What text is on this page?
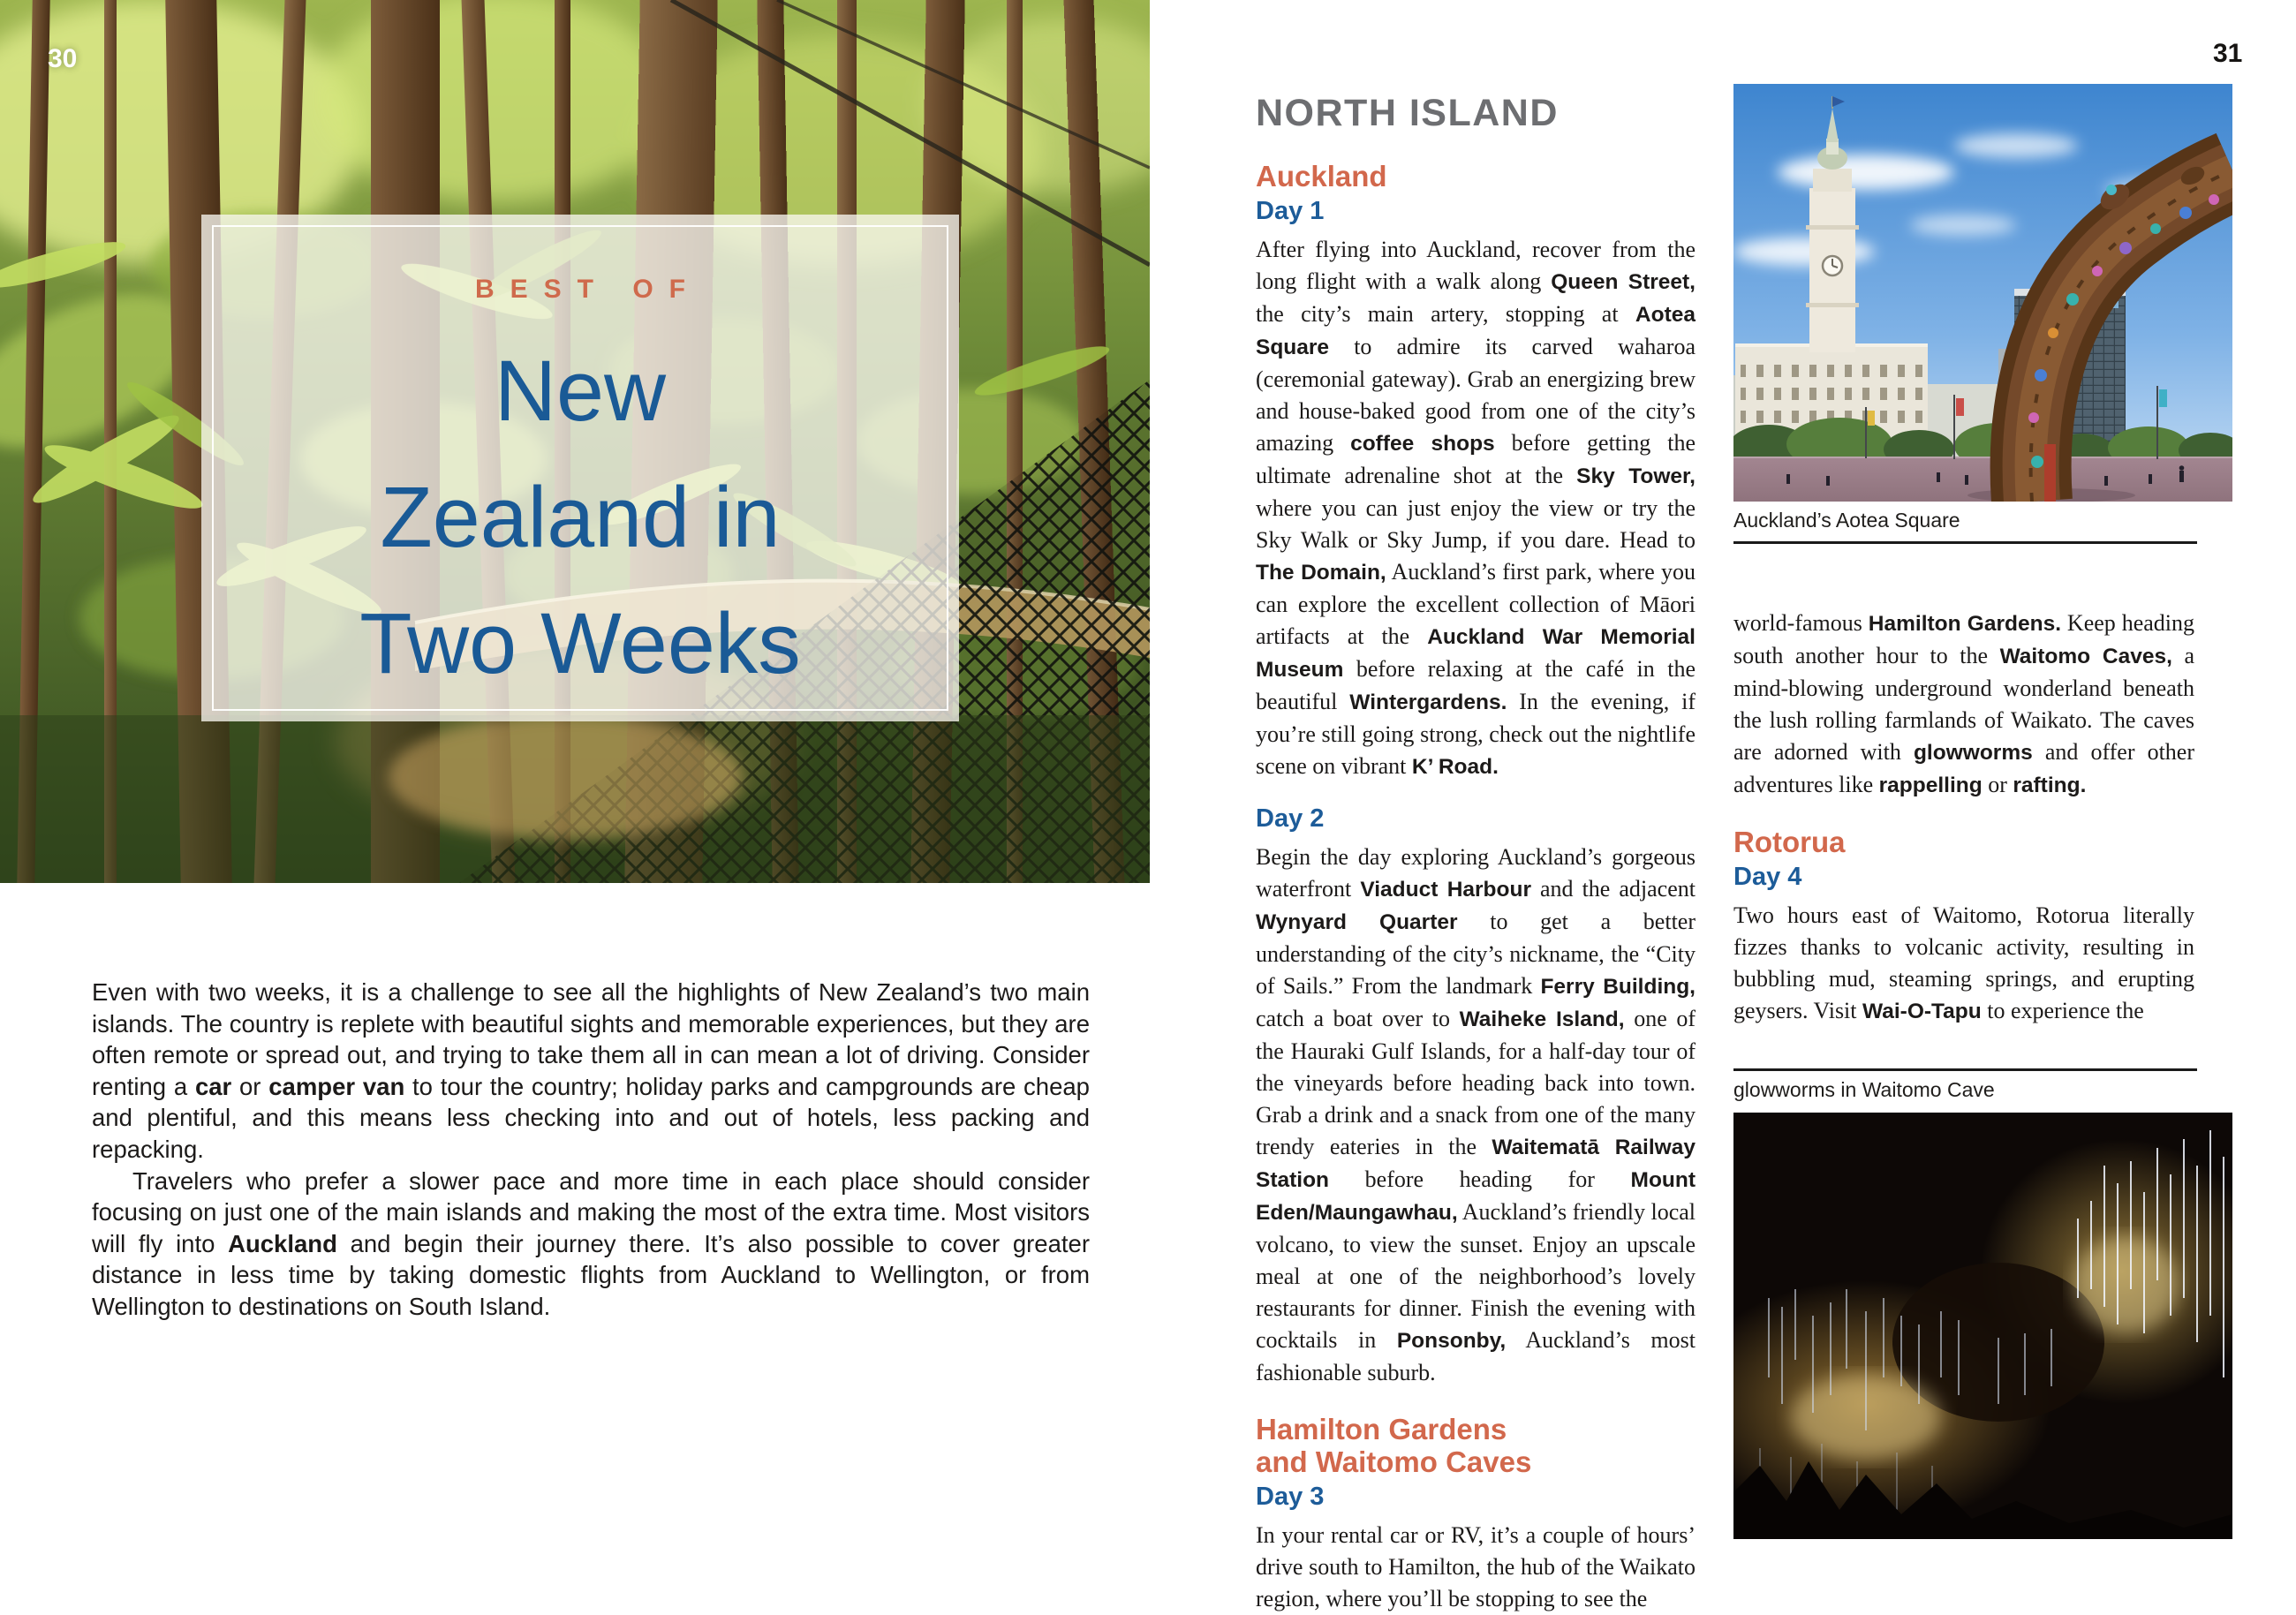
30
BEST OF
New
Zealand in
Two Weeks

Even with two weeks, it is a challenge to see all the highlights of New Zealand’s two main islands. The country is replete with beautiful sights and memorable experiences, but they are often remote or spread out, and trying to take them all in can mean a lot of driving. Consider renting a car or camper van to tour the country; holiday parks and campgrounds are cheap and plentiful, and this means less checking into and out of hotels, less packing and repacking.

Travelers who prefer a slower pace and more time in each place should consider focusing on just one of the main islands and making the most of the extra time. Most visitors will fly into Auckland and begin their journey there. It’s also possible to cover greater distance in less time by taking domestic flights from Auckland to Wellington, or from Wellington to destinations on South Island.

31
NORTH ISLAND
Auckland
Day 1

After flying into Auckland, recover from the long flight with a walk along Queen Street, the city’s main artery, stopping at Aotea Square to admire its carved waharoa (ceremonial gateway). Grab an energizing brew and house-baked good from one of the city’s amazing coffee shops before getting the ultimate adrenaline shot at the Sky Tower, where you can just enjoy the view or try the Sky Walk or Sky Jump, if you dare. Head to The Domain, Auckland’s first park, where you can explore the excellent collection of Māori artifacts at the Auckland War Memorial Museum before relaxing at the café in the beautiful Wintergardens. In the evening, if you’re still going strong, check out the nightlife scene on vibrant K’ Road.

Day 2

Begin the day exploring Auckland’s gorgeous waterfront Viaduct Harbour and the adjacent Wynyard Quarter to get a better understanding of the city’s nickname, the “City of Sails.” From the landmark Ferry Building, catch a boat over to Waiheke Island, one of the Hauraki Gulf Islands, for a half-day tour of the vineyards before heading back into town. Grab a drink and a snack from one of the many trendy eateries in the Waitematā Railway Station before heading for Mount Eden/Maungawhau, Auckland’s friendly local volcano, to view the sunset. Enjoy an upscale meal at one of the neighborhood’s lovely restaurants for dinner. Finish the evening with cocktails in Ponsonby, Auckland’s most fashionable suburb.

Hamilton Gardens
and Waitomo Caves
Day 3

In your rental car or RV, it’s a couple of hours’ drive south to Hamilton, the hub of the Waikato region, where you’ll be stopping to see the

Auckland’s Aotea Square

world-famous Hamilton Gardens. Keep heading south another hour to the Waitomo Caves, a mind-blowing underground wonderland beneath the lush rolling farmlands of Waikato. The caves are adorned with glowworms and offer other adventures like rappelling or rafting.

Rotorua
Day 4

Two hours east of Waitomo, Rotorua literally fizzes thanks to volcanic activity, resulting in bubbling mud, steaming springs, and erupting geysers. Visit Wai-O-Tapu to experience the

glowworms in Waitomo Cave
